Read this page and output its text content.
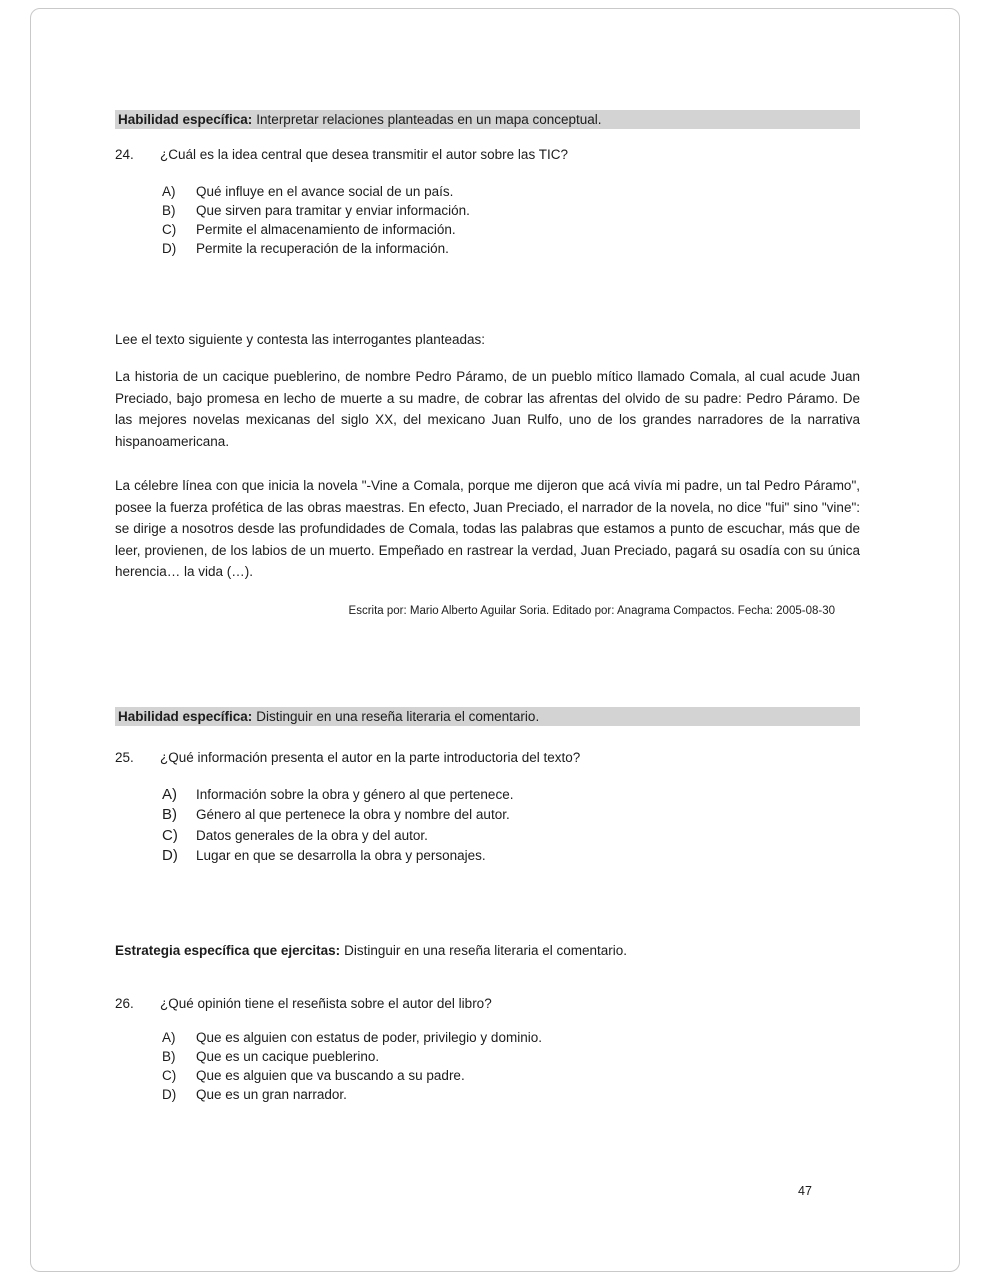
Habilidad específica: Interpretar relaciones planteadas en un mapa conceptual.
24.	¿Cuál es la idea central que desea transmitir el autor sobre las TIC?
A)	Qué influye en el avance social de un país.
B)	Que sirven para tramitar y enviar información.
C)	Permite el almacenamiento de información.
D)	Permite la recuperación de la información.
Lee el texto siguiente y contesta las interrogantes planteadas:
La historia de un cacique pueblerino, de nombre Pedro Páramo, de un pueblo mítico llamado Comala, al cual acude Juan Preciado, bajo promesa en lecho de muerte a su madre, de cobrar las afrentas del olvido de su padre: Pedro Páramo. De las mejores novelas mexicanas del siglo XX, del mexicano Juan Rulfo, uno de los grandes narradores de la narrativa hispanoamericana.
La célebre línea con que inicia la novela "-Vine a Comala, porque me dijeron que acá vivía mi padre, un tal Pedro Páramo", posee la fuerza profética de las obras maestras. En efecto, Juan Preciado, el narrador de la novela, no dice "fui" sino "vine": se dirige a nosotros desde las profundidades de Comala, todas las palabras que estamos a punto de escuchar, más que de leer, provienen, de los labios de un muerto. Empeñado en rastrear la verdad, Juan Preciado, pagará su osadía con su única herencia… la vida (…).
Escrita por: Mario Alberto Aguilar Soria. Editado por: Anagrama Compactos. Fecha: 2005-08-30
Habilidad específica: Distinguir en una reseña literaria el comentario.
25.	¿Qué información presenta el autor en la parte introductoria del texto?
A)	Información sobre la obra y género al que pertenece.
B)	Género al que pertenece la obra y nombre del autor.
C)	Datos generales de la obra y del autor.
D)	Lugar en que se desarrolla la obra y personajes.
Estrategia específica que ejercitas: Distinguir en una reseña literaria el comentario.
26.	¿Qué opinión tiene el reseñista sobre el autor del libro?
A)	Que es alguien con estatus de poder, privilegio y dominio.
B)	Que es un cacique pueblerino.
C)	Que es alguien que va buscando a su padre.
D)	Que es un gran narrador.
47
